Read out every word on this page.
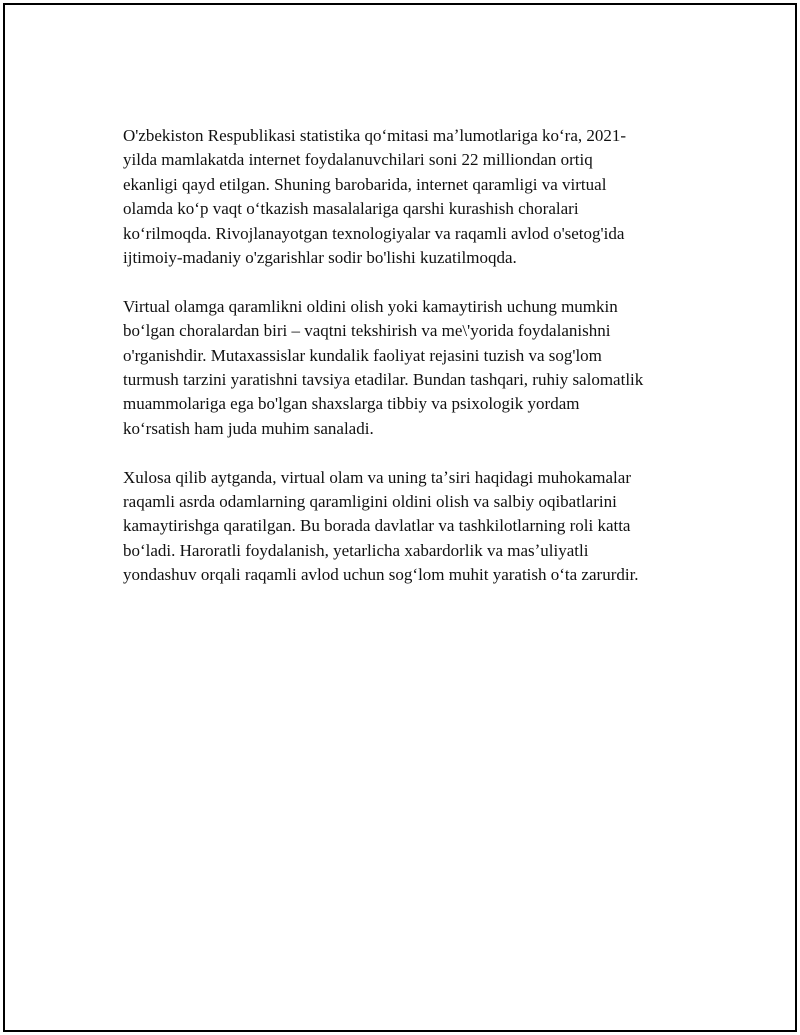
O'zbekiston Respublikasi statistika qoʻmitasi maʼlumotlariga koʻra, 2021-
yilda mamlakatda internet foydalanuvchilari soni 22 milliondan ortiq
ekanligi qayd etilgan. Shuning barobarida, internet qaramligi va virtual
olamda koʻp vaqt oʻtkazish masalalariga qarshi kurashish choralari
koʻrilmoqda. Rivojlanayotgan texnologiyalar va raqamli avlod o'setog'ida
ijtimoiy-madaniy o'zgarishlar sodir bo'lishi kuzatilmoqda.

Virtual olamga qaramlikni oldini olish yoki kamaytirish uchung mumkin
boʻlgan choralardan biri – vaqtni tekshirish va me\'yorida foydalanishni
o'rganishdir. Mutaxassislar kundalik faoliyat rejasini tuzish va sog'lom
turmush tarzini yaratishni tavsiya etadilar. Bundan tashqari, ruhiy salomatlik
muammolariga ega bo'lgan shaxslarga tibbiy va psixologik yordam
koʻrsatish ham juda muhim sanaladi.

Xulosa qilib aytganda, virtual olam va uning taʼsiri haqidagi muhokamalar
raqamli asrda odamlarning qaramligini oldini olish va salbiy oqibatlarini
kamaytirishga qaratilgan. Bu borada davlatlar va tashkilotlarning roli katta
boʻladi. Haroratli foydalanish, yetarlicha xabardorlik va masʼuliyatli
yondashuv orqali raqamli avlod uchun sogʻlom muhit yaratish oʻta zarurdir.
